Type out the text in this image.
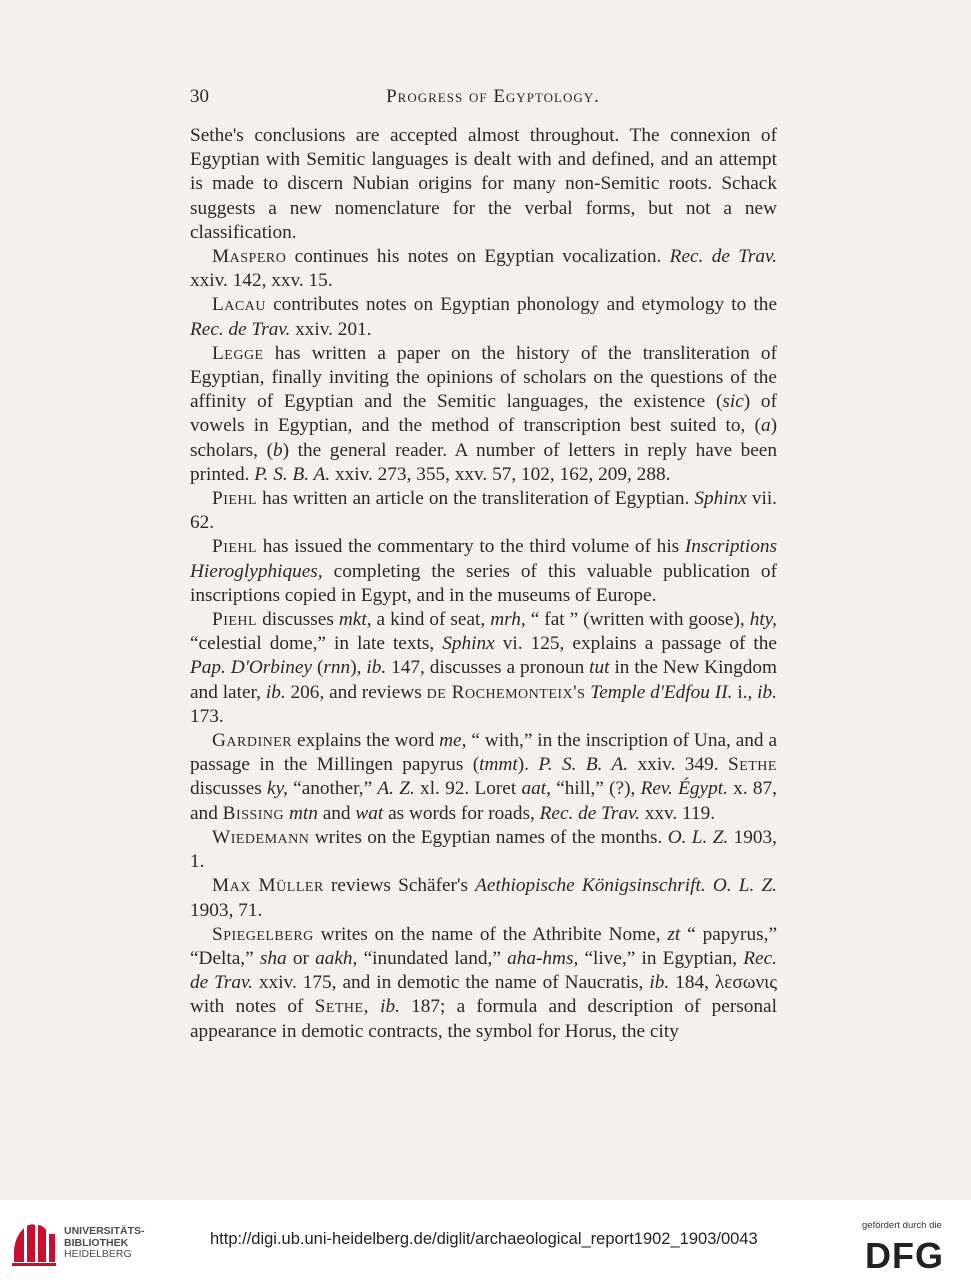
30	Progress of Egyptology.

Sethe's conclusions are accepted almost throughout. The connexion of Egyptian with Semitic languages is dealt with and defined, and an attempt is made to discern Nubian origins for many non-Semitic roots. Schack suggests a new nomenclature for the verbal forms, but not a new classification.

Maspero continues his notes on Egyptian vocalization. Rec. de Trav. xxiv. 142, xxv. 15.

Lacau contributes notes on Egyptian phonology and etymology to the Rec. de Trav. xxiv. 201.

Legge has written a paper on the history of the transliteration of Egyptian, finally inviting the opinions of scholars on the questions of the affinity of Egyptian and the Semitic languages, the existence (sic) of vowels in Egyptian, and the method of transcription best suited to, (a) scholars, (b) the general reader. A number of letters in reply have been printed. P. S. B. A. xxiv. 273, 355, xxv. 57, 102, 162, 209, 288.

Piehl has written an article on the transliteration of Egyptian. Sphinx vii. 62.

Piehl has issued the commentary to the third volume of his Inscriptions Hieroglyphiques, completing the series of this valuable publication of inscriptions copied in Egypt, and in the museums of Europe.

Piehl discusses mkt, a kind of seat, mrh, “ fat ” (written with goose), hty, “celestial dome,” in late texts, Sphinx vi. 125, explains a passage of the Pap. D'Orbiney (rnn), ib. 147, discusses a pronoun tut in the New Kingdom and later, ib. 206, and reviews de Rochemonteix's Temple d'Edfou II. i., ib. 173.

Gardiner explains the word me, “ with,” in the inscription of Una, and a passage in the Millingen papyrus (tmmt). P. S. B. A. xxiv. 349. Sethe discusses ky, “another,” A. Z. xl. 92. Loret aat, “hill,” (?), Rev. Égypt. x. 87, and Bissing mtn and wat as words for roads, Rec. de Trav. xxv. 119.

Wiedemann writes on the Egyptian names of the months. O. L. Z. 1903, 1.

Max Müller reviews Schäfer's Aethiopische Königsinschrift. O. L. Z. 1903, 71.

Spiegelberg writes on the name of the Athribite Nome, zt “ papyrus,” “Delta,” sha or aakh, “inundated land,” aha-hms, “live,” in Egyptian, Rec. de Trav. xxiv. 175, and in demotic the name of Naucratis, ib. 184, λεσωνις with notes of Sethe, ib. 187; a formula and description of personal appearance in demotic contracts, the symbol for Horus, the city

UNIVERSITÄTS-
BIBLIOTHEK
HEIDELBERG
http://digi.ub.uni-heidelberg.de/diglit/archaeological_report1902_1903/0043
gefördert durch die
DFG
